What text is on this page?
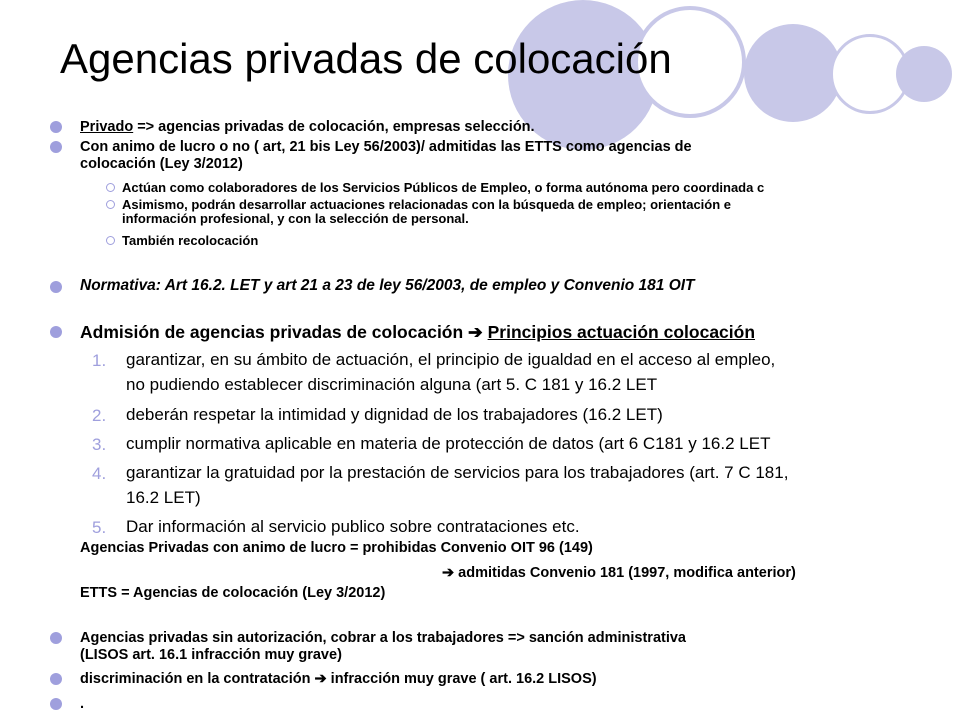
Agencias privadas de colocación
Privado => agencias privadas de colocación, empresas selección.
Con animo de lucro o no ( art, 21 bis Ley 56/2003)/ admitidas las ETTS como agencias de
colocación (Ley 3/2012)
Actúan como colaboradores de los Servicios Públicos de Empleo, o forma autónoma pero coordinada c
Asimismo, podrán desarrollar actuaciones relacionadas con la búsqueda de empleo; orientación e
información profesional, y con la selección de personal.
También recolocación
Normativa: Art 16.2. LET y art 21 a 23 de ley 56/2003, de empleo y Convenio 181 OIT
Admisión de agencias privadas de colocación ➔ Principios actuación colocación
1. garantizar, en su ámbito de actuación, el principio de igualdad en el acceso al empleo,
no pudiendo establecer discriminación alguna (art 5. C 181 y 16.2 LET
2. deberán respetar la intimidad y dignidad de los trabajadores (16.2 LET)
3. cumplir normativa aplicable en materia de protección de datos (art 6 C181 y 16.2 LET
4. garantizar la gratuidad por la prestación de servicios para los trabajadores (art. 7 C 181,
16.2 LET)
5. Dar información al servicio publico sobre contrataciones etc.
Agencias Privadas con animo de lucro = prohibidas Convenio OIT 96 (149)
➔ admitidas Convenio 181 (1997, modifica anterior)
ETTS = Agencias de colocación (Ley 3/2012)
Agencias privadas sin autorización, cobrar a los trabajadores => sanción administrativa
(LISOS art. 16.1 infracción muy grave)
discriminación en la contratación ➔ infracción muy grave ( art. 16.2 LISOS)
.
